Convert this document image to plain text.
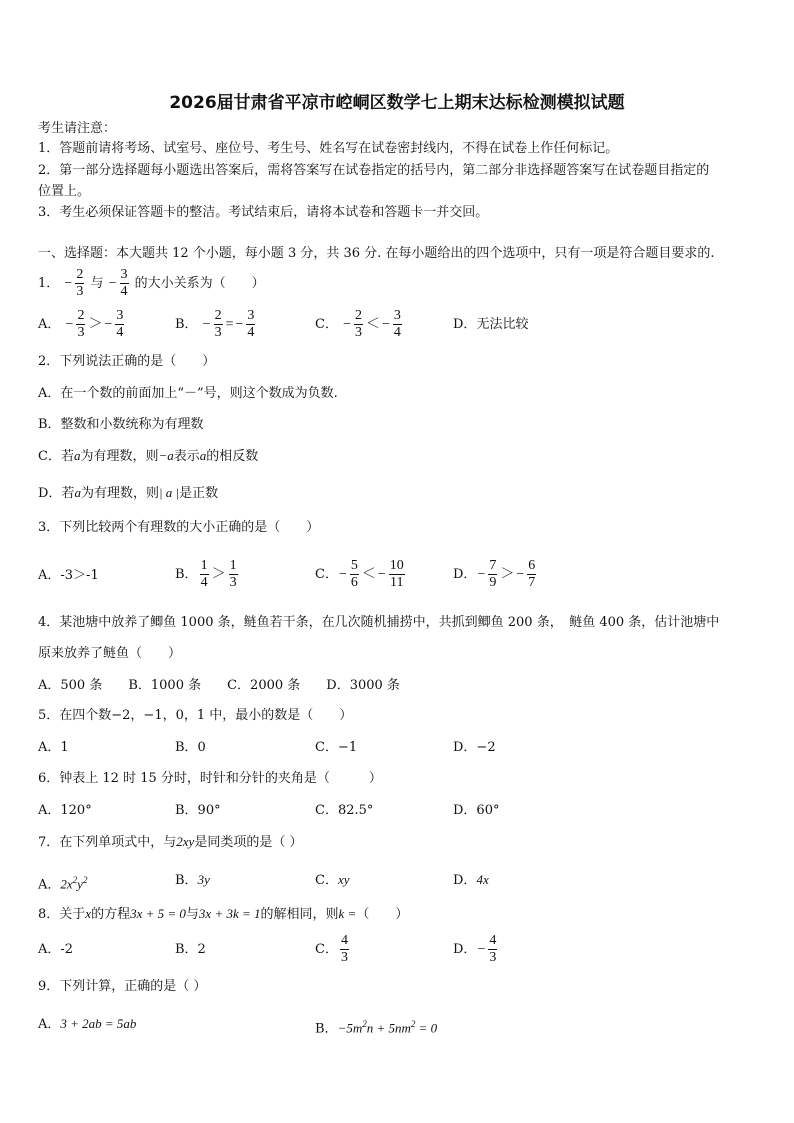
2026届甘肃省平凉市崆峒区数学七上期末达标检测模拟试题
考生请注意：
1．答题前请将考场、试室号、座位号、考生号、姓名写在试卷密封线内，不得在试卷上作任何标记。
2．第一部分选择题每小题选出答案后，需将答案写在试卷指定的括号内，第二部分非选择题答案写在试卷题目指定的
位置上。
3．考生必须保证答题卡的整洁。考试结束后，请将本试卷和答题卡一并交回。
一、选择题：本大题共 12 个小题，每小题 3 分，共 36 分. 在每小题给出的四个选项中，只有一项是符合题目要求的.
1． − $\frac{2}{3}$ 与 − $\frac{3}{4}$ 的大小关系为（　　）
A． − $\frac{2}{3}$ ＞ − $\frac{3}{4}$	B． − $\frac{2}{3}$ = − $\frac{3}{4}$	C． − $\frac{2}{3}$ ＜ − $\frac{3}{4}$	D．无法比较
2．下列说法正确的是（　　）
A．在一个数的前面加上“－”号，则这个数成为负数.
B．整数和小数统称为有理数
C．若a为有理数，则−a表示a的相反数
D．若a为有理数，则| a |是正数
3．下列比较两个有理数的大小正确的是（　　）
A．-3＞-1	B． $\frac{1}{4} > \frac{1}{3}$	C．− $\frac{5}{6}$ ＜ − $\frac{10}{11}$	D．− $\frac{7}{9}$ ＞ − $\frac{6}{7}$
4．某池塘中放养了鲫鱼 1000 条，鲢鱼若干条，在几次随机捕捞中，共抓到鲫鱼 200 条，　鲢鱼 400 条，估计池塘中
原来放养了鲢鱼（　　）
A．500 条　　B．1000 条　　C．2000 条　　D．3000 条
5．在四个数−2，−1，0，1 中，最小的数是（　　）
A．1	B．0	C．−1	D．−2
6．钟表上 12 时 15 分时，时针和分针的夹角是（　　　）
A．120°	B．90°	C．82.5°	D．60°
7．在下列单项式中，与2xy是同类项的是（ ）
A．$2x^2y^2$	B．3y	C．xy	D．4x
8．关于x的方程3x + 5 = 0与3x + 3k = 1的解相同，则k =（　　）
A．-2	B．2	C． $\frac{4}{3}$	D．− $\frac{4}{3}$
9．下列计算，正确的是（ ）
A．3 + 2ab = 5ab	B．$-5m^2n + 5nm^2 = 0$
